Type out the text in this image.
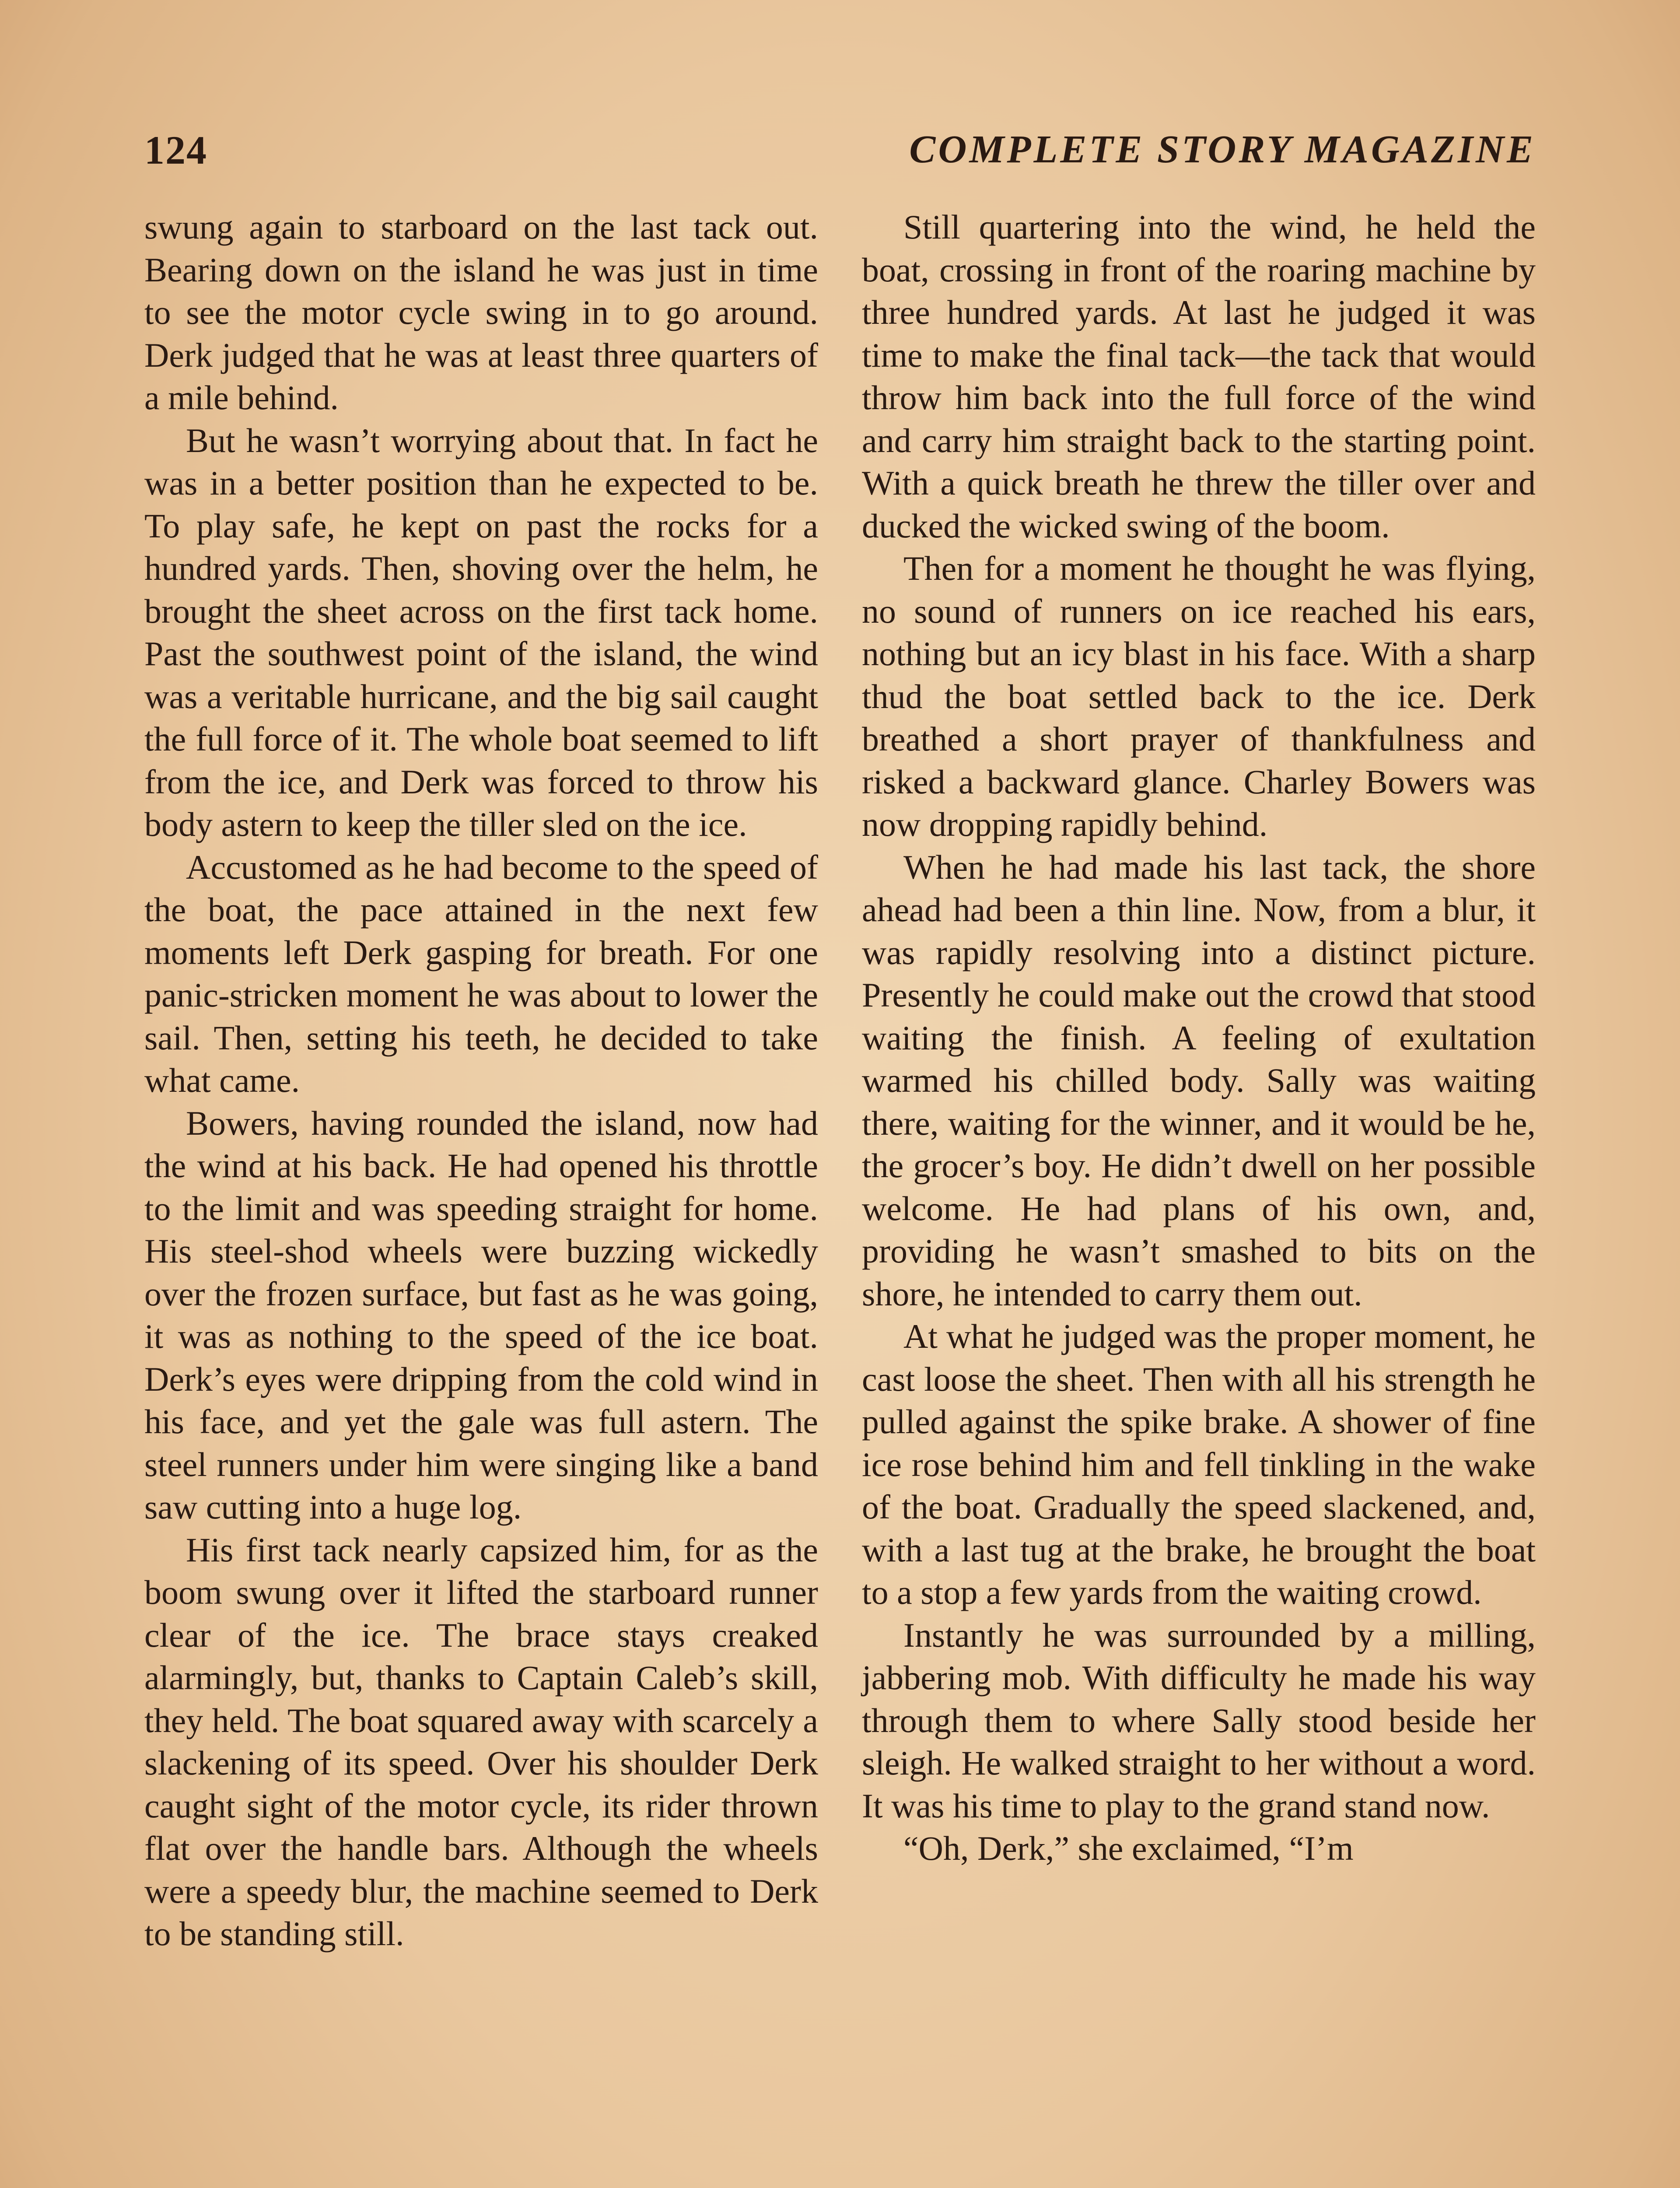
124	COMPLETE STORY MAGAZINE

swung again to starboard on the last tack out. Bearing down on the island he was just in time to see the motor cycle swing in to go around. Derk judged that he was at least three quarters of a mile behind.

But he wasn’t worrying about that. In fact he was in a better position than he expected to be. To play safe, he kept on past the rocks for a hundred yards. Then, shoving over the helm, he brought the sheet across on the first tack home. Past the southwest point of the island, the wind was a veritable hurricane, and the big sail caught the full force of it. The whole boat seemed to lift from the ice, and Derk was forced to throw his body astern to keep the tiller sled on the ice.

Accustomed as he had become to the speed of the boat, the pace attained in the next few moments left Derk gasping for breath. For one panic-stricken moment he was about to lower the sail. Then, setting his teeth, he decided to take what came.

Bowers, having rounded the island, now had the wind at his back. He had opened his throttle to the limit and was speeding straight for home. His steel-shod wheels were buzzing wickedly over the frozen surface, but fast as he was going, it was as nothing to the speed of the ice boat. Derk’s eyes were dripping from the cold wind in his face, and yet the gale was full astern. The steel runners under him were singing like a band saw cutting into a huge log.

His first tack nearly capsized him, for as the boom swung over it lifted the starboard runner clear of the ice. The brace stays creaked alarmingly, but, thanks to Captain Caleb’s skill, they held. The boat squared away with scarcely a slackening of its speed. Over his shoulder Derk caught sight of the motor cycle, its rider thrown flat over the handle bars. Although the wheels were a speedy blur, the machine seemed to Derk to be standing still.

Still quartering into the wind, he held the boat, crossing in front of the roaring machine by three hundred yards. At last he judged it was time to make the final tack—the tack that would throw him back into the full force of the wind and carry him straight back to the starting point. With a quick breath he threw the tiller over and ducked the wicked swing of the boom.

Then for a moment he thought he was flying, no sound of runners on ice reached his ears, nothing but an icy blast in his face. With a sharp thud the boat settled back to the ice. Derk breathed a short prayer of thankfulness and risked a backward glance. Charley Bowers was now dropping rapidly behind.

When he had made his last tack, the shore ahead had been a thin line. Now, from a blur, it was rapidly resolving into a distinct picture. Presently he could make out the crowd that stood waiting the finish. A feeling of exultation warmed his chilled body. Sally was waiting there, waiting for the winner, and it would be he, the grocer’s boy. He didn’t dwell on her possible welcome. He had plans of his own, and, providing he wasn’t smashed to bits on the shore, he intended to carry them out.

At what he judged was the proper moment, he cast loose the sheet. Then with all his strength he pulled against the spike brake. A shower of fine ice rose behind him and fell tinkling in the wake of the boat. Gradually the speed slackened, and, with a last tug at the brake, he brought the boat to a stop a few yards from the waiting crowd.

Instantly he was surrounded by a milling, jabbering mob. With difficulty he made his way through them to where Sally stood beside her sleigh. He walked straight to her without a word. It was his time to play to the grand stand now.

“Oh, Derk,” she exclaimed, “I’m
